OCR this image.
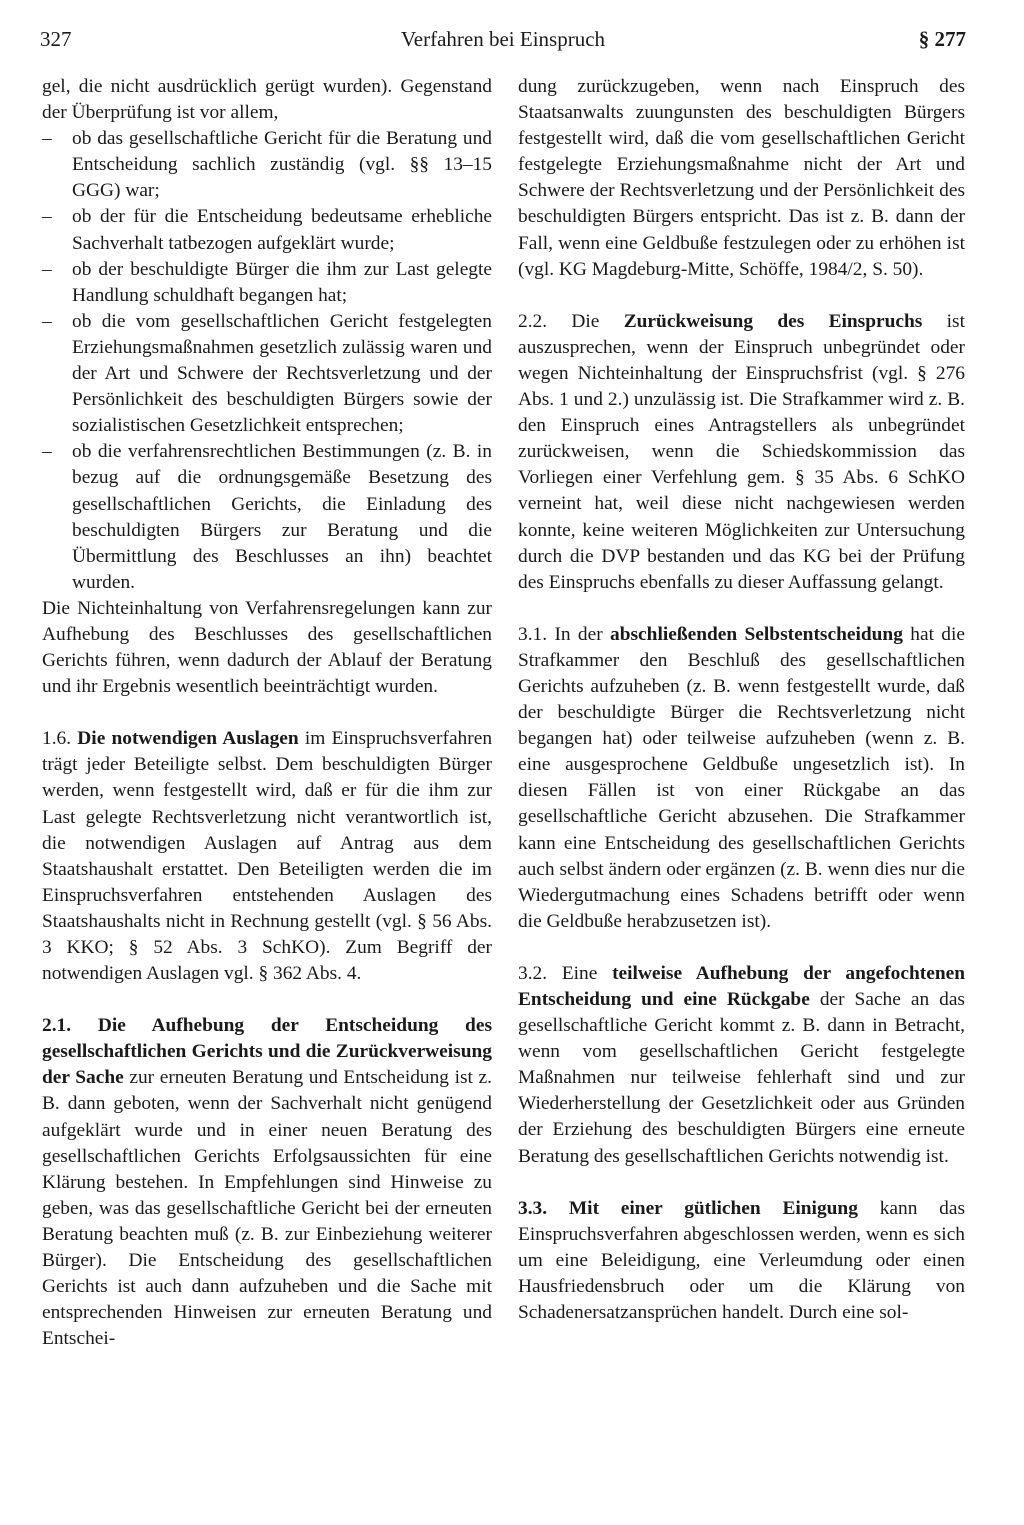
327	Verfahren bei Einspruch	§ 277

gel, die nicht ausdrücklich gerügt wurden). Gegenstand der Überprüfung ist vor allem,

– ob das gesellschaftliche Gericht für die Beratung und Entscheidung sachlich zuständig (vgl. §§ 13–15 GGG) war;
– ob der für die Entscheidung bedeutsame erhebliche Sachverhalt tatbezogen aufgeklärt wurde;
– ob der beschuldigte Bürger die ihm zur Last gelegte Handlung schuldhaft begangen hat;
– ob die vom gesellschaftlichen Gericht festgelegten Erziehungsmaßnahmen gesetzlich zulässig waren und der Art und Schwere der Rechtsverletzung und der Persönlichkeit des beschuldigten Bürgers sowie der sozialistischen Gesetzlichkeit entsprechen;
– ob die verfahrensrechtlichen Bestimmungen (z. B. in bezug auf die ordnungsgemäße Besetzung des gesellschaftlichen Gerichts, die Einladung des beschuldigten Bürgers zur Beratung und die Übermittlung des Beschlusses an ihn) beachtet wurden.

Die Nichteinhaltung von Verfahrensregelungen kann zur Aufhebung des Beschlusses des gesellschaftlichen Gerichts führen, wenn dadurch der Ablauf der Beratung und ihr Ergebnis wesentlich beeinträchtigt wurden.

1.6. Die notwendigen Auslagen im Einspruchsverfahren trägt jeder Beteiligte selbst. Dem beschuldigten Bürger werden, wenn festgestellt wird, daß er für die ihm zur Last gelegte Rechtsverletzung nicht verantwortlich ist, die notwendigen Auslagen auf Antrag aus dem Staatshaushalt erstattet. Den Beteiligten werden die im Einspruchsverfahren entstehenden Auslagen des Staatshaushalts nicht in Rechnung gestellt (vgl. § 56 Abs. 3 KKO; § 52 Abs. 3 SchKO). Zum Begriff der notwendigen Auslagen vgl. § 362 Abs. 4.

2.1. Die Aufhebung der Entscheidung des gesellschaftlichen Gerichts und die Zurückverweisung der Sache zur erneuten Beratung und Entscheidung ist z. B. dann geboten, wenn der Sachverhalt nicht genügend aufgeklärt wurde und in einer neuen Beratung des gesellschaftlichen Gerichts Erfolgsaussichten für eine Klärung bestehen. In Empfehlungen sind Hinweise zu geben, was das gesellschaftliche Gericht bei der erneuten Beratung beachten muß (z. B. zur Einbeziehung weiterer Bürger). Die Entscheidung des gesellschaftlichen Gerichts ist auch dann aufzuheben und die Sache mit entsprechenden Hinweisen zur erneuten Beratung und Entschei-

dung zurückzugeben, wenn nach Einspruch des Staatsanwalts zuungunsten des beschuldigten Bürgers festgestellt wird, daß die vom gesellschaftlichen Gericht festgelegte Erziehungsmaßnahme nicht der Art und Schwere der Rechtsverletzung und der Persönlichkeit des beschuldigten Bürgers entspricht. Das ist z. B. dann der Fall, wenn eine Geldbuße festzulegen oder zu erhöhen ist (vgl. KG Magdeburg-Mitte, Schöffe, 1984/2, S. 50).

2.2. Die Zurückweisung des Einspruchs ist auszusprechen, wenn der Einspruch unbegründet oder wegen Nichteinhaltung der Einspruchsfrist (vgl. § 276 Abs. 1 und 2.) unzulässig ist. Die Strafkammer wird z. B. den Einspruch eines Antragstellers als unbegründet zurückweisen, wenn die Schiedskommission das Vorliegen einer Verfehlung gem. § 35 Abs. 6 SchKO verneint hat, weil diese nicht nachgewiesen werden konnte, keine weiteren Möglichkeiten zur Untersuchung durch die DVP bestanden und das KG bei der Prüfung des Einspruchs ebenfalls zu dieser Auffassung gelangt.

3.1. In der abschließenden Selbstentscheidung hat die Strafkammer den Beschluß des gesellschaftlichen Gerichts aufzuheben (z. B. wenn festgestellt wurde, daß der beschuldigte Bürger die Rechtsverletzung nicht begangen hat) oder teilweise aufzuheben (wenn z. B. eine ausgesprochene Geldbuße ungesetzlich ist). In diesen Fällen ist von einer Rückgabe an das gesellschaftliche Gericht abzusehen. Die Strafkammer kann eine Entscheidung des gesellschaftlichen Gerichts auch selbst ändern oder ergänzen (z. B. wenn dies nur die Wiedergutmachung eines Schadens betrifft oder wenn die Geldbuße herabzusetzen ist).

3.2. Eine teilweise Aufhebung der angefochtenen Entscheidung und eine Rückgabe der Sache an das gesellschaftliche Gericht kommt z. B. dann in Betracht, wenn vom gesellschaftlichen Gericht festgelegte Maßnahmen nur teilweise fehlerhaft sind und zur Wiederherstellung der Gesetzlichkeit oder aus Gründen der Erziehung des beschuldigten Bürgers eine erneute Beratung des gesellschaftlichen Gerichts notwendig ist.

3.3. Mit einer gütlichen Einigung kann das Einspruchsverfahren abgeschlossen werden, wenn es sich um eine Beleidigung, eine Verleumdung oder einen Hausfriedensbruch oder um die Klärung von Schadenersatzansprüchen handelt. Durch eine sol-
